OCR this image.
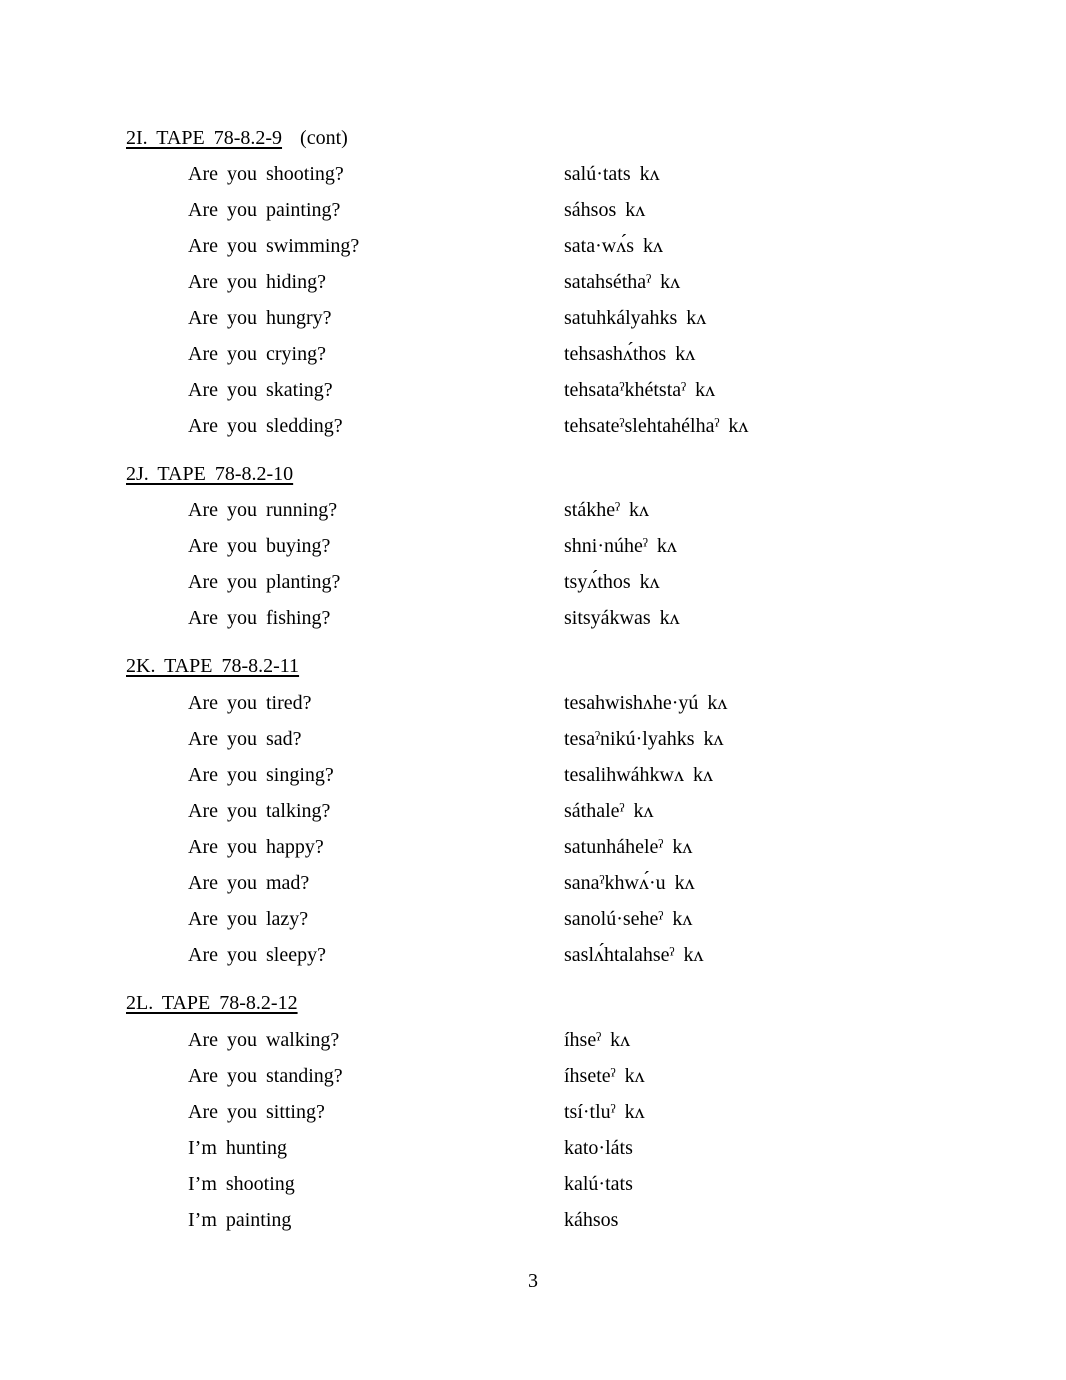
2I. TAPE 78-8.2-9  (cont)
Are you shooting?	salú·tats kʌ
Are you painting?	sáhsos kʌ
Are you swimming?	sata·wʌ́s kʌ
Are you hiding?	satahséthaˀ kʌ
Are you hungry?	satuhkályahks kʌ
Are you crying?	tehsashʌ́thos kʌ
Are you skating?	tehsataˀkhétstaˀ kʌ
Are you sledding?	tehsateˀslehtahélhaˀ kʌ
2J. TAPE 78-8.2-10
Are you running?	stákheˀ kʌ
Are you buying?	shni·núheˀ kʌ
Are you planting?	tsyʌ́thos kʌ
Are you fishing?	sitsyákwas kʌ
2K. TAPE 78-8.2-11
Are you tired?	tesahwishʌhe·yú kʌ
Are you sad?	tesaˀnikú·lyahks kʌ
Are you singing?	tesalihwáhkwʌ kʌ
Are you talking?	sáthaleˀ kʌ
Are you happy?	satunháheleˀ kʌ
Are you mad?	sanaˀkhwʌ́·u kʌ
Are you lazy?	sanolú·seheˀ kʌ
Are you sleepy?	saslʌ́htalahseˀ kʌ
2L. TAPE 78-8.2-12
Are you walking?	íhseˀ kʌ
Are you standing?	íhseteˀ kʌ
Are you sitting?	tsí·tluˀ kʌ
I’m hunting	kato·láts
I’m shooting	kalú·tats
I’m painting	káhsos
3
